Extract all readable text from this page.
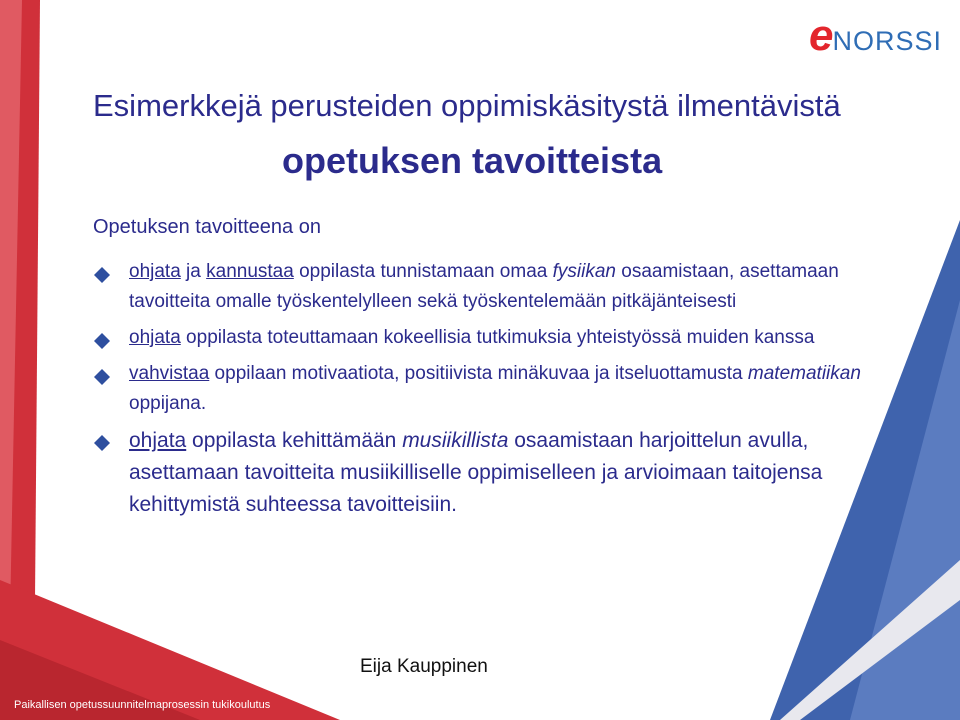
e NORSSI
Esimerkkejä perusteiden oppimiskäsitystä ilmentävistä
opetuksen tavoitteista
Opetuksen tavoitteena on
ohjata ja kannustaa oppilasta tunnistamaan omaa fysiikan osaamistaan, asettamaan tavoitteita omalle työskentelylleen sekä työskentelemään pitkäjänteisesti
ohjata oppilasta toteuttamaan kokeellisia tutkimuksia yhteistyössä muiden kanssa
vahvistaa oppilaan motivaatiota, positiivista minäkuvaa ja itseluottamusta matematiikan oppijana.
ohjata oppilasta kehittämään musiikillista osaamistaan harjoittelun avulla, asettamaan tavoitteita musiikilliselle oppimiselleen ja arvioimaan taitojensa kehittymistä suhteessa tavoitteisiin.
Eija Kauppinen
Paikallisen opetussuunnitelmaprosessin tukikoulutus
